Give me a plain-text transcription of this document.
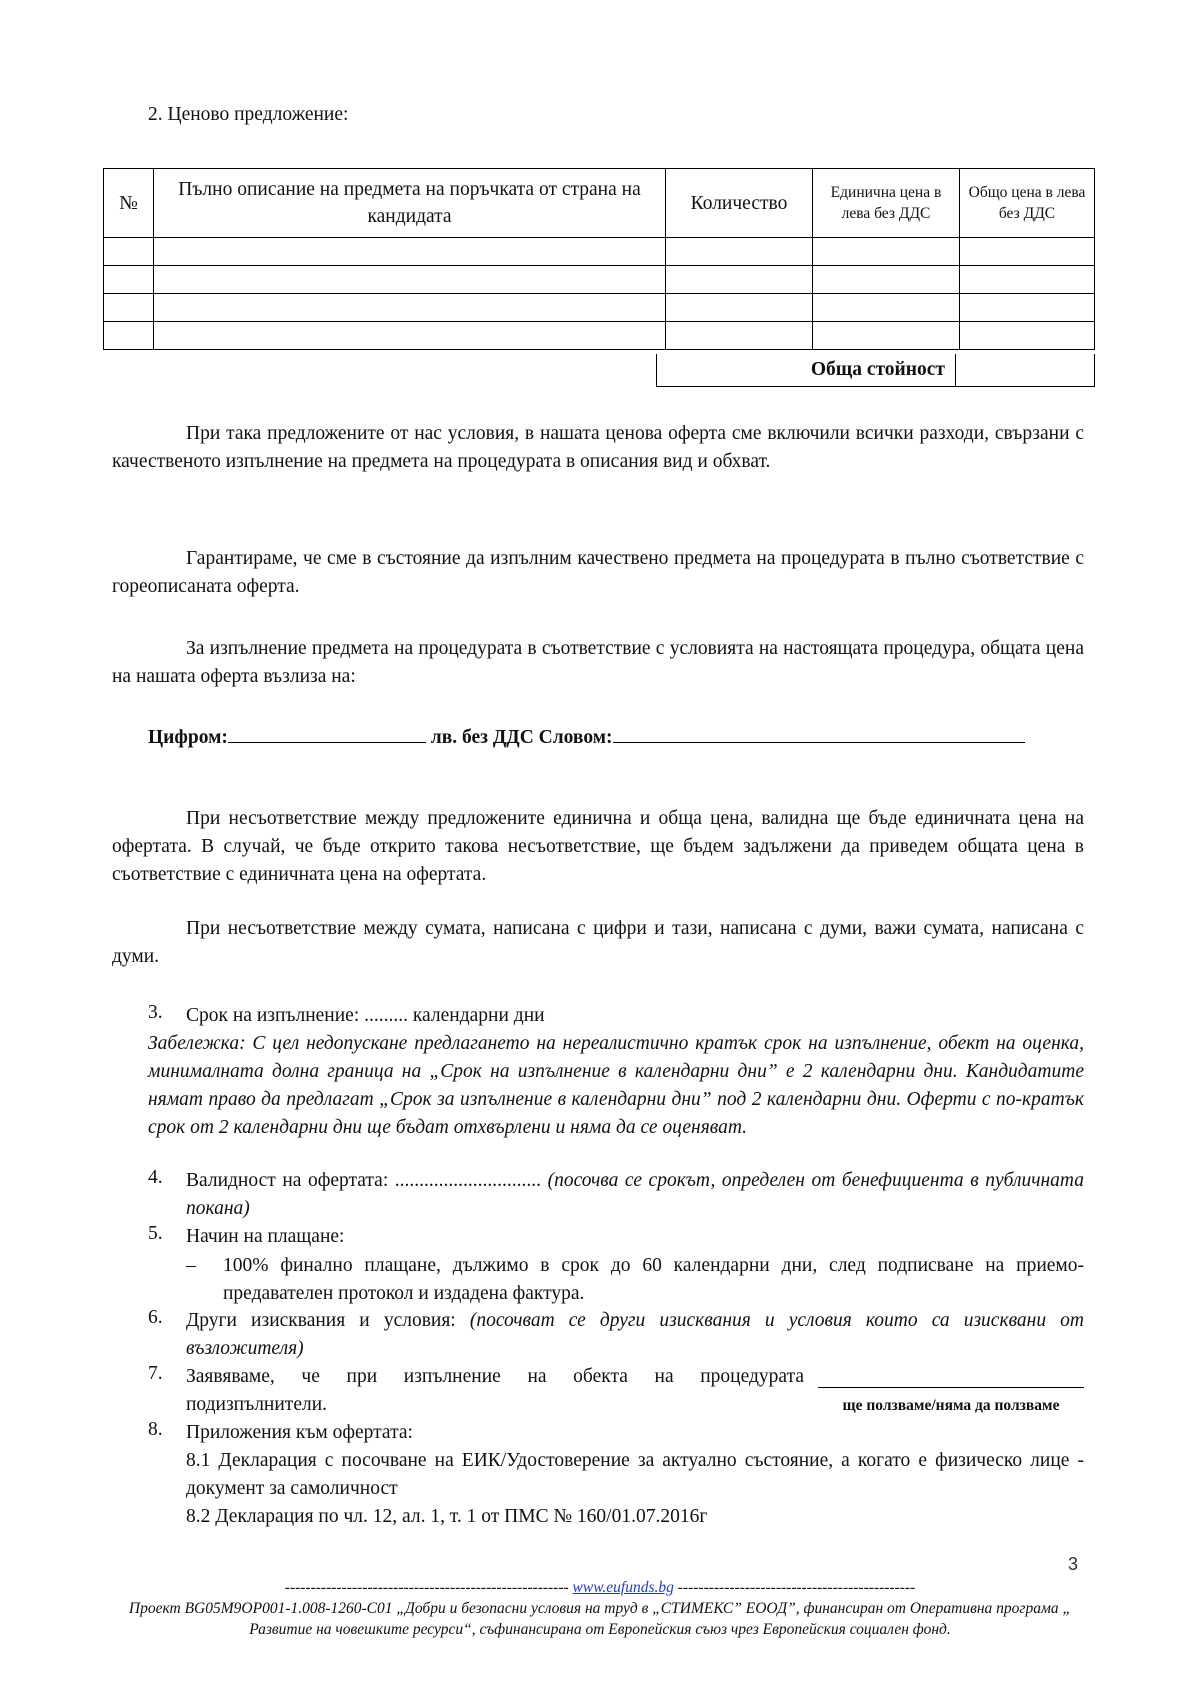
2. Ценово предложение:
№	Пълно описание на предмета на поръчката от страна на кандидата	Количество	Единична цена в лева без ДДС	Общо цена в лева без ДДС

Обща стойност

При така предложените от нас условия, в нашата ценова оферта сме включили всички разходи, свързани с качественото изпълнение на предмета на процедурата в описания вид и обхват.

Гарантираме, че сме в състояние да изпълним качествено предмета на процедурата в пълно съответствие с гореописаната оферта.

За изпълнение предмета на процедурата в съответствие с условията на настоящата процедура, общата цена на нашата оферта възлиза на:

Цифром:	лв. без ДДС Словом:

При несъответствие между предложените единична и обща цена, валидна ще бъде единичната цена на офертата. В случай, че бъде открито такова несъответствие, ще бъдем задължени да приведем общата цена в съответствие с единичната цена на офертата.

При несъответствие между сумата, написана с цифри и тази, написана с думи, важи сумата, написана с думи.

3. Срок на изпълнение: ......... календарни дни

Забележка: С цел недопускане предлагането на нереалистично кратък срок на изпълнение, обект на оценка, минималната долна граница на „Срок на изпълнение в календарни дни” е 2 календарни дни. Кандидатите нямат право да предлагат „Срок за изпълнение в календарни дни” под 2 календарни дни. Оферти с по-кратък срок от 2 календарни дни ще бъдат отхвърлени и няма да се оценяват.

4. Валидност на офертата: .............................. (посочва се срокът, определен от бенефициента в публичната покана)

5. Начин на плащане:
– 100% финално плащане, дължимо в срок до 60 календарни дни, след подписване на приемо-предавателен протокол и издадена фактура.

6. Други изисквания и условия: (посочват се други изисквания и условия които са изисквани от възложителя)

7. Заявяваме, че при изпълнение на обекта на процедурата
подизпълнители.	ще ползваме/няма да ползваме
8. Приложения към офертата:

8.1 Декларация с посочване на ЕИК/Удостоверение за актуално състояние, а когато е физическо лице - документ за самоличност

8.2 Декларация по чл. 12, ал. 1, т. 1 от ПМС № 160/01.07.2016г

3
------------------------------------------------------- www.eufunds.bg ----------------------------------------------
Проект BG05M9OP001-1.008-1260-C01 „Добри и безопасни условия на труд в „СТИМЕКС” ЕООД”, финансиран от Оперативна програма „ Развитие на човешките ресурси“, съфинансирана от Европейския съюз чрез Европейския социален фонд.
